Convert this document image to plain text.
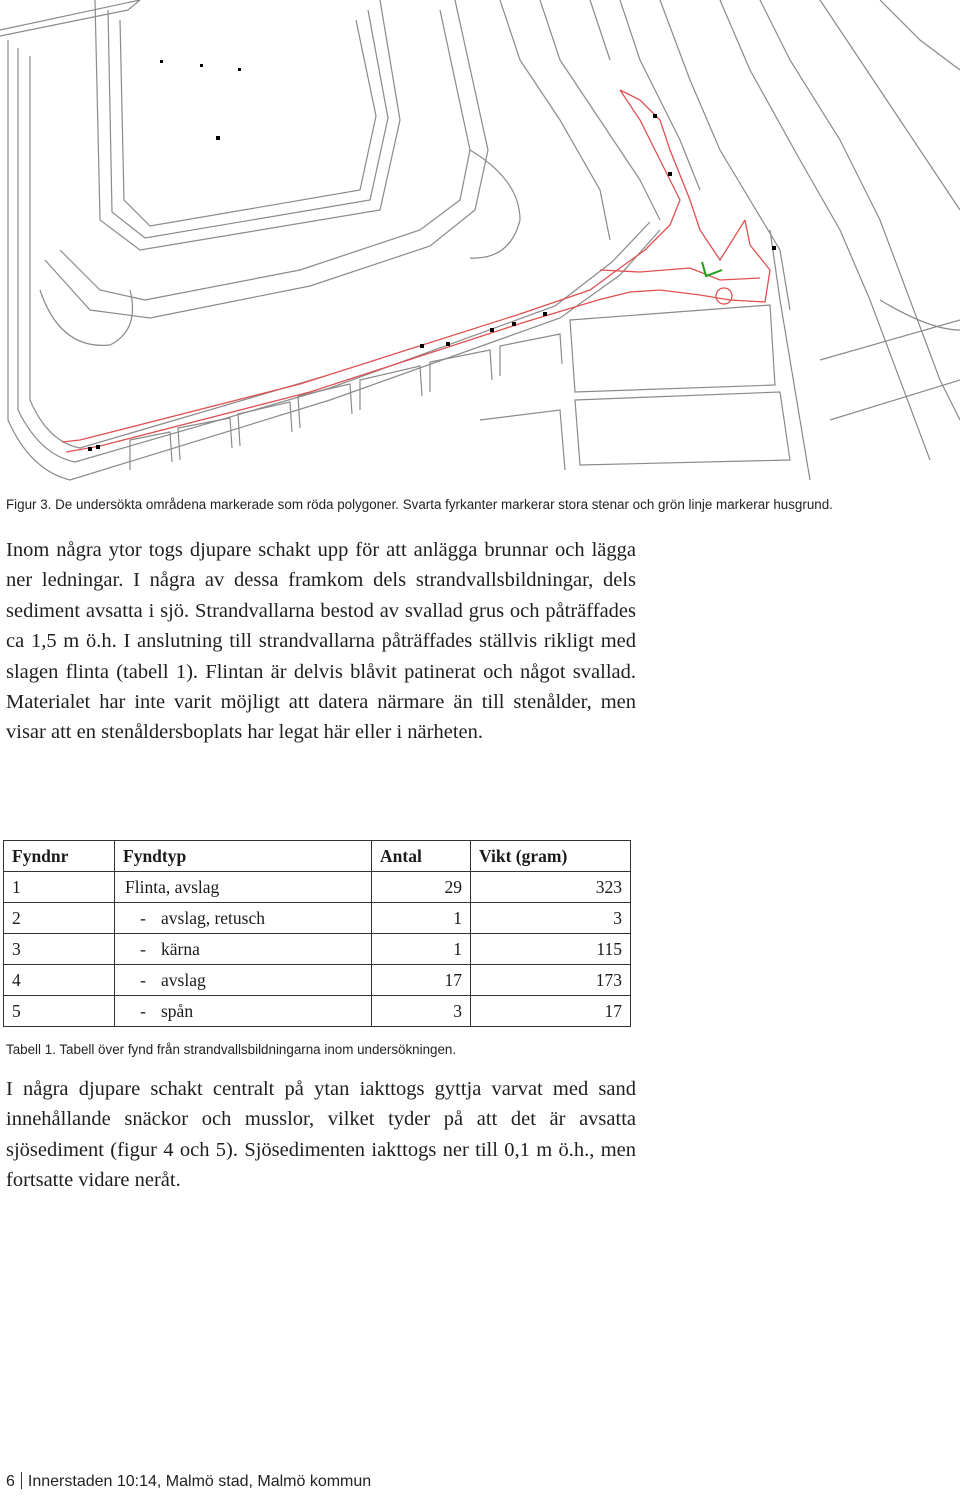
Figur 3. De undersökta områdena markerade som röda polygoner. Svarta fyrkanter markerar stora stenar och grön linje markerar husgrund.

Inom några ytor togs djupare schakt upp för att anlägga brunnar och lägga ner ledningar. I några av dessa framkom dels strandvallsbildningar, dels sediment avsatta i sjö. Strandvallarna bestod av svallad grus och påträffades ca 1,5 m ö.h. I anslutning till strandvallarna påträffades ställvis rikligt med slagen flinta (tabell 1). Flintan är delvis blåvit patinerat och något svallad. Materialet har inte varit möjligt att datera närmare än till stenålder, men visar att en stenåldersboplats har legat här eller i närheten.

Fyndnr	Fyndtyp	Antal	Vikt (gram)
1	Flinta, avslag	29	323
2	- avslag, retusch	1	3
3	- kärna	1	115
4	- avslag	17	173
5	- spån	3	17
Tabell 1. Tabell över fynd från strandvallsbildningarna inom undersökningen.

I några djupare schakt centralt på ytan iakttogs gyttja varvat med sand innehållande snäckor och musslor, vilket tyder på att det är avsatta sjösediment (figur 4 och 5). Sjösedimenten iakttogs ner till 0,1 m ö.h., men fortsatte vidare neråt.

6 Innerstaden 10:14, Malmö stad, Malmö kommun
